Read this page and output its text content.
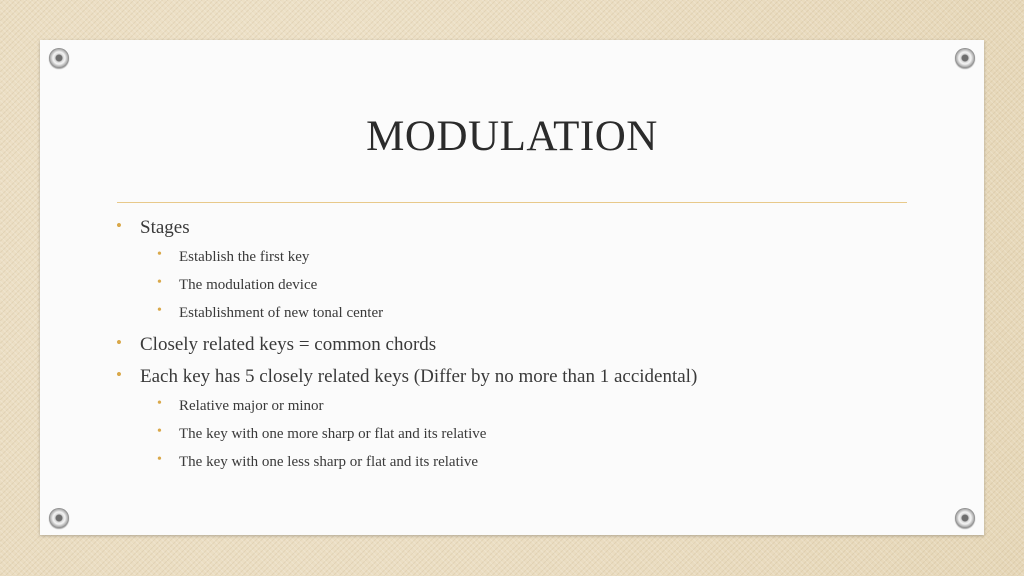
MODULATION
• Stages
• Establish the first key
• The modulation device
• Establishment of new tonal center
• Closely related keys = common chords
• Each key has 5 closely related keys (Differ by no more than 1 accidental)
• Relative major or minor
• The key with one more sharp or flat and its relative
• The key with one less sharp or flat and its relative
